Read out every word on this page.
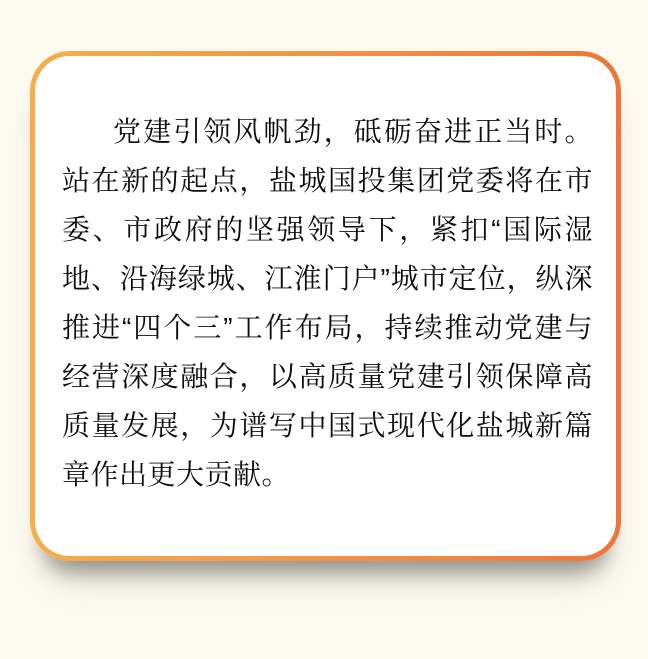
党建引领风帆劲，砥砺奋进正当时。站在新的起点，盐城国投集团党委将在市委、市政府的坚强领导下，紧扣“国际湿地、沿海绿城、江淮门户”城市定位，纵深推进“四个三”工作布局，持续推动党建与经营深度融合，以高质量党建引领保障高质量发展，为谱写中国式现代化盐城新篇章作出更大贡献。
